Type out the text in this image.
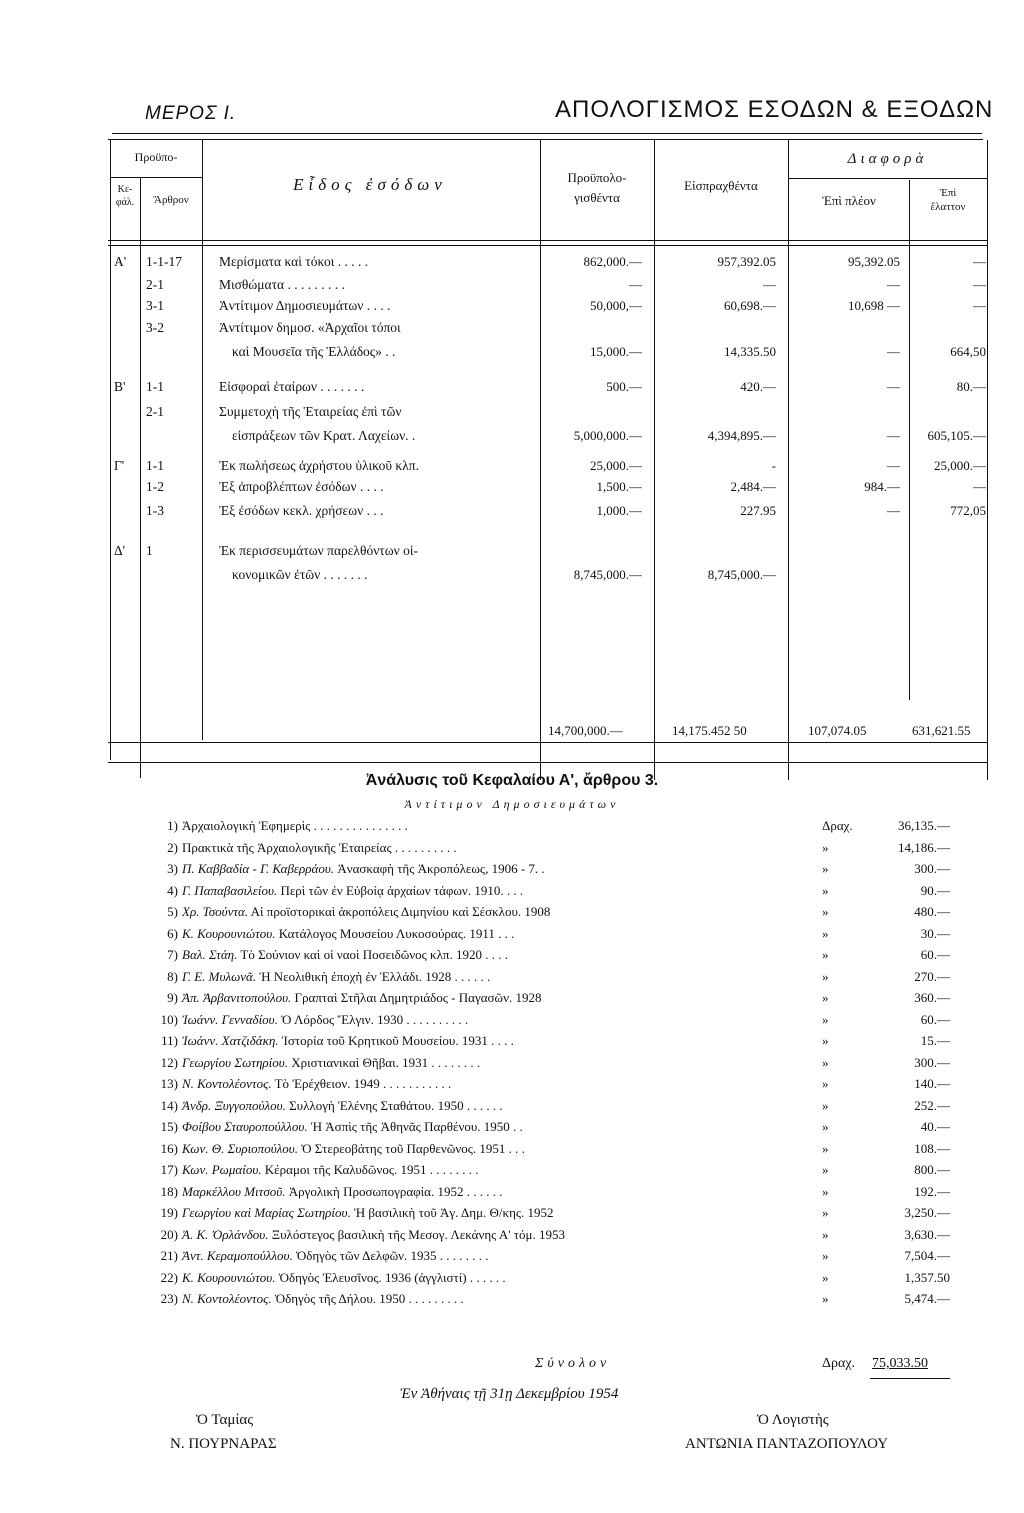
ΜΕΡΟΣ Ι.	ΑΠΟΛΟΓΙΣΜΟΣ ΕΣΟΔΩΝ & ΕΞΟΔΩΝ
Προϋπο-
Κε-
φάλ.	Ἄρθρον
Εἶδος ἐσόδων	Προϋπολο-
γισθέντα
Εἰσπραχθέντα
Διαφορὰ
Ἐπὶ πλέον	Ἐπὶ
ἔλαττον
Α' 1-1-17	Μερίσματα καὶ τόκοι . . . . .	862,000.—	957,392.05	95,392.05	—
2-1	Μισθώματα . . . . . . . . .	—	—	—	—
3-1	Ἀντίτιμον Δημοσιευμάτων . . . .	50,000,—	60,698.—	10,698 —	—
3-2	Ἀντίτιμον δημοσ. «Ἀρχαῖοι τόποι
καὶ Μουσεῖα τῆς Ἑλλάδος» . .	15,000.—	14,335.50	—	664,50
Β' 1-1	Εἰσφοραὶ ἑταίρων . . . . . . .	500.—	420.—	—	80.—
2-1	Συμμετοχὴ τῆς Ἑταιρείας ἐπὶ τῶν
εἰσπράξεων τῶν Κρατ. Λαχείων. .	5,000,000.—	4,394,895.—	—	605,105.—
Γ' 1-1	Ἐκ πωλήσεως ἀχρήστου ὑλικοῦ κλπ.	25,000.—	-	—	25,000.—
1-2	Ἐξ ἀπροβλέπτων ἐσόδων . . . .	1,500.—	2,484.—	984.—	—
1-3	Ἐξ ἐσόδων κεκλ. χρήσεων . . .	1,000.—	227.95	—	772,05
Δ' 1	Ἐκ περισσευμάτων παρελθόντων οἰ-
κονομικῶν ἐτῶν . . . . . . .	8,745,000.—	8,745,000.—
14,700,000.—	14,175.452 50	107,074.05	631,621.55
Ἀνάλυσις τοῦ Κεφαλαίου Α', ἄρθρου 3.
Ἀντίτιμον Δημοσιευμάτων
1) Ἀρχαιολογικὴ Ἐφημερὶς . . . . . . . . . . . . . . .	Δραχ.	36,135.—
2) Πρακτικὰ τῆς Ἀρχαιολογικῆς Ἑταιρείας . . . . . . . . . .	»	14,186.—
3) Π. Καββαδία - Γ. Καβερράου. Ἀνασκαφὴ τῆς Ἀκροπόλεως, 1906 - 7. .	»	300.—
4) Γ. Παπαβασιλείου. Περὶ τῶν ἐν Εὐβοίᾳ ἀρχαίων τάφων. 1910. . . .	»	90.—
5) Χρ. Τσούντα. Αἱ προϊστορικαὶ ἀκροπόλεις Διμηνίου καὶ Σέσκλου. 1908	»	480.—
6) Κ. Κουρουνιώτου. Κατάλογος Μουσείου Λυκοσούρας. 1911 . . .	»	30.—
7) Βαλ. Στάη. Τὸ Σούνιον καὶ οἱ ναοὶ Ποσειδῶνος κλπ. 1920 . . . .	»	60.—
8) Γ. Ε. Μυλωνᾶ. Ἡ Νεολιθικὴ ἐποχὴ ἐν Ἑλλάδι. 1928 . . . . . .	»	270.—
9) Ἀπ. Ἀρβανιτοπούλου. Γραπταὶ Στῆλαι Δημητριάδος - Παγασῶν. 1928	»	360.—
10) Ἰωάνν. Γενναδίου. Ὁ Λόρδος Ἔλγιν. 1930 . . . . . . . . . .	»	60.—
11) Ἰωάνν. Χατζιδάκη. Ἱστορία τοῦ Κρητικοῦ Μουσείου. 1931 . . . .	»	15.—
12) Γεωργίου Σωτηρίου. Χριστιανικαὶ Θῆβαι. 1931 . . . . . . . .	»	300.—
13) Ν. Κοντολέοντος. Τὸ Ἐρέχθειον. 1949 . . . . . . . . . . .	»	140.—
14) Ἀνδρ. Ξυγγοπούλου. Συλλογὴ Ἑλένης Σταθάτου. 1950 . . . . . .	»	252.—
15) Φοίβου Σταυροπούλλου. Ἡ Ἀσπὶς τῆς Ἀθηνᾶς Παρθένου. 1950 . .	»	40.—
16) Κων. Θ. Συριοπούλου. Ὁ Στερεοβάτης τοῦ Παρθενῶνος. 1951 . . .	»	108.—
17) Κων. Ρωμαίου. Κέραμοι τῆς Καλυδῶνος. 1951 . . . . . . . .	»	800.—
18) Μαρκέλλου Μιτσοῦ. Ἀργολικὴ Προσωπογραφία. 1952 . . . . . .	»	192.—
19) Γεωργίου καὶ Μαρίας Σωτηρίου. Ἡ βασιλικὴ τοῦ Ἁγ. Δημ. Θ/κης. 1952	»	3,250.—
20) Ἀ. Κ. Ὀρλάνδου. Ξυλόστεγος βασιλικὴ τῆς Μεσογ. Λεκάνης Α' τόμ. 1953	»	3,630.—
21) Ἀντ. Κεραμοπούλλου. Ὁδηγὸς τῶν Δελφῶν. 1935 . . . . . . . .	»	7,504.—
22) Κ. Κουρουνιώτου. Ὁδηγὸς Ἐλευσῖνος. 1936 (ἀγγλιστί) . . . . . .	»	1,357.50
23) Ν. Κοντολέοντος. Ὁδηγὸς τῆς Δήλου. 1950 . . . . . . . . .	»	5,474.—
Σύνολον	Δραχ. 75,033.50
Ἐν Ἀθήναις τῇ 31ῃ Δεκεμβρίου 1954
Ὁ Ταμίας
Ν. ΠΟΥΡΝΑΡΑΣ
Ὁ Λογιστὴς
ΑΝΤΩΝΙΑ ΠΑΝΤΑΖΟΠΟΥΛΟΥ
